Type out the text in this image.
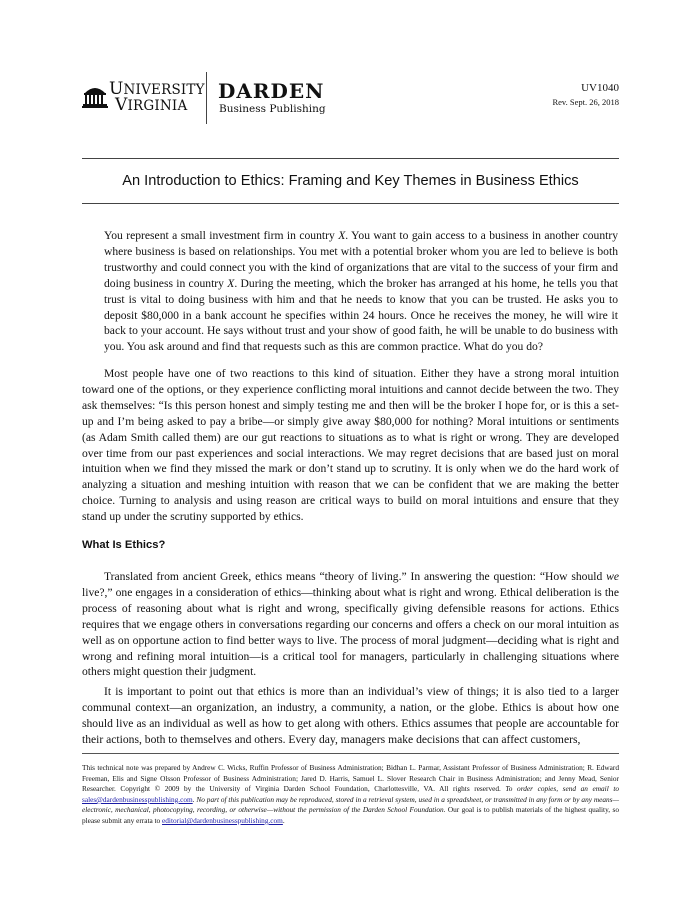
UNIVERSITY
VIRGINIA
DARDEN
Business Publishing
UV1040
Rev. Sept. 26, 2018
An Introduction to Ethics: Framing and Key Themes in Business Ethics

You represent a small investment firm in country X. You want to gain access to a business in another country where business is based on relationships. You met with a potential broker whom you are led to believe is both trustworthy and could connect you with the kind of organizations that are vital to the success of your firm and doing business in country X. During the meeting, which the broker has arranged at his home, he tells you that trust is vital to doing business with him and that he needs to know that you can be trusted. He asks you to deposit $80,000 in a bank account he specifies within 24 hours. Once he receives the money, he will wire it back to your account. He says without trust and your show of good faith, he will be unable to do business with you. You ask around and find that requests such as this are common practice. What do you do?

Most people have one of two reactions to this kind of situation. Either they have a strong moral intuition toward one of the options, or they experience conflicting moral intuitions and cannot decide between the two. They ask themselves: “Is this person honest and simply testing me and then will be the broker I hope for, or is this a set-up and I’m being asked to pay a bribe—or simply give away $80,000 for nothing? Moral intuitions or sentiments (as Adam Smith called them) are our gut reactions to situations as to what is right or wrong. They are developed over time from our past experiences and social interactions. We may regret decisions that are based just on moral intuition when we find they missed the mark or don’t stand up to scrutiny. It is only when we do the hard work of analyzing a situation and meshing intuition with reason that we can be confident that we are making the better choice. Turning to analysis and using reason are critical ways to build on moral intuitions and ensure that they stand up under the scrutiny supported by ethics.

What Is Ethics?

Translated from ancient Greek, ethics means “theory of living.” In answering the question: “How should we live?,” one engages in a consideration of ethics—thinking about what is right and wrong. Ethical deliberation is the process of reasoning about what is right and wrong, specifically giving defensible reasons for actions. Ethics requires that we engage others in conversations regarding our concerns and offers a check on our moral intuition as well as on opportune action to find better ways to live. The process of moral judgment—deciding what is right and wrong and refining moral intuition—is a critical tool for managers, particularly in challenging situations where others might question their judgment.

It is important to point out that ethics is more than an individual’s view of things; it is also tied to a larger communal context—an organization, an industry, a community, a nation, or the globe. Ethics is about how one should live as an individual as well as how to get along with others. Ethics assumes that people are accountable for their actions, both to themselves and others. Every day, managers make decisions that can affect customers,

This technical note was prepared by Andrew C. Wicks, Ruffin Professor of Business Administration; Bidhan L. Parmar, Assistant Professor of Business Administration; R. Edward Freeman, Elis and Signe Olsson Professor of Business Administration; Jared D. Harris, Samuel L. Slover Research Chair in Business Administration; and Jenny Mead, Senior Researcher. Copyright © 2009 by the University of Virginia Darden School Foundation, Charlottesville, VA. All rights reserved. To order copies, send an email to sales@dardenbusinesspublishing.com. No part of this publication may be reproduced, stored in a retrieval system, used in a spreadsheet, or transmitted in any form or by any means—electronic, mechanical, photocopying, recording, or otherwise—without the permission of the Darden School Foundation. Our goal is to publish materials of the highest quality, so please submit any errata to editorial@dardenbusinesspublishing.com.
